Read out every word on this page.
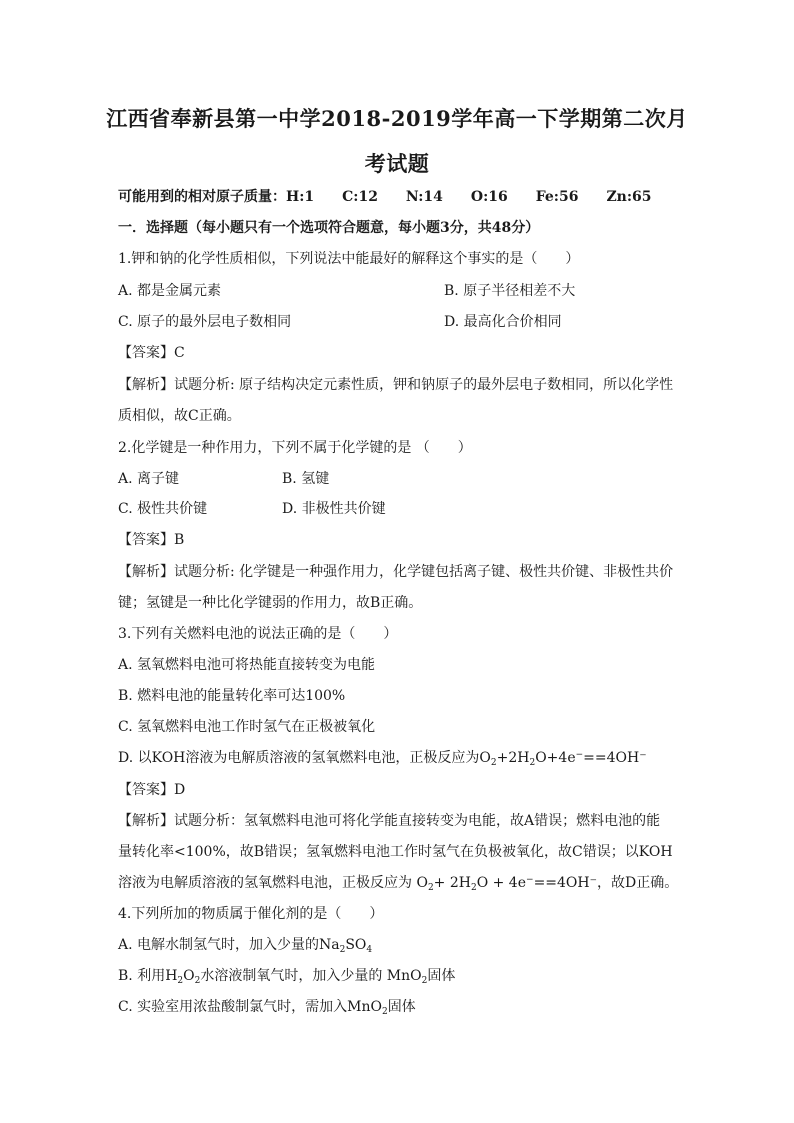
江西省奉新县第一中学2018-2019学年高一下学期第二次月
考试题
可能用到的相对原子质量：H:1　　C:12　　N:14　　O:16　　Fe:56　　Zn:65
一．选择题（每小题只有一个选项符合题意，每小题3分，共48分）
1.钾和钠的化学性质相似，下列说法中能最好的解释这个事实的是（　　）
A. 都是金属元素	B. 原子半径相差不大
C. 原子的最外层电子数相同	D. 最高化合价相同
【答案】C
【解析】试题分析: 原子结构决定元素性质，钾和钠原子的最外层电子数相同，所以化学性
质相似，故C正确。
2.化学键是一种作用力，下列不属于化学键的是 （　　）
A. 离子键	B. 氢键
C. 极性共价键	D. 非极性共价键
【答案】B
【解析】试题分析: 化学键是一种强作用力，化学键包括离子键、极性共价键、非极性共价
键；氢键是一种比化学键弱的作用力，故B正确。
3.下列有关燃料电池的说法正确的是（　　）
A. 氢氧燃料电池可将热能直接转变为电能
B. 燃料电池的能量转化率可达100%
C. 氢氧燃料电池工作时氢气在正极被氧化
D. 以KOH溶液为电解质溶液的氢氧燃料电池，正极反应为$O_2+2H_2O+4e^-==4OH^-$
【答案】D
【解析】试题分析：氢氧燃料电池可将化学能直接转变为电能，故A错误；燃料电池的能
量转化率<100%，故B错误；氢氧燃料电池工作时氢气在负极被氧化，故C错误；以KOH
溶液为电解质溶液的氢氧燃料电池，正极反应为 $O_2+ 2H_2O + 4e^-==4OH^-$，故D正确。
4.下列所加的物质属于催化剂的是（　　）
A. 电解水制氢气时，加入少量的$Na_2SO_4$
B. 利用$H_2O_2$水溶液制氧气时，加入少量的 MnO$_2$固体
C. 实验室用浓盐酸制氯气时，需加入MnO$_2$固体
